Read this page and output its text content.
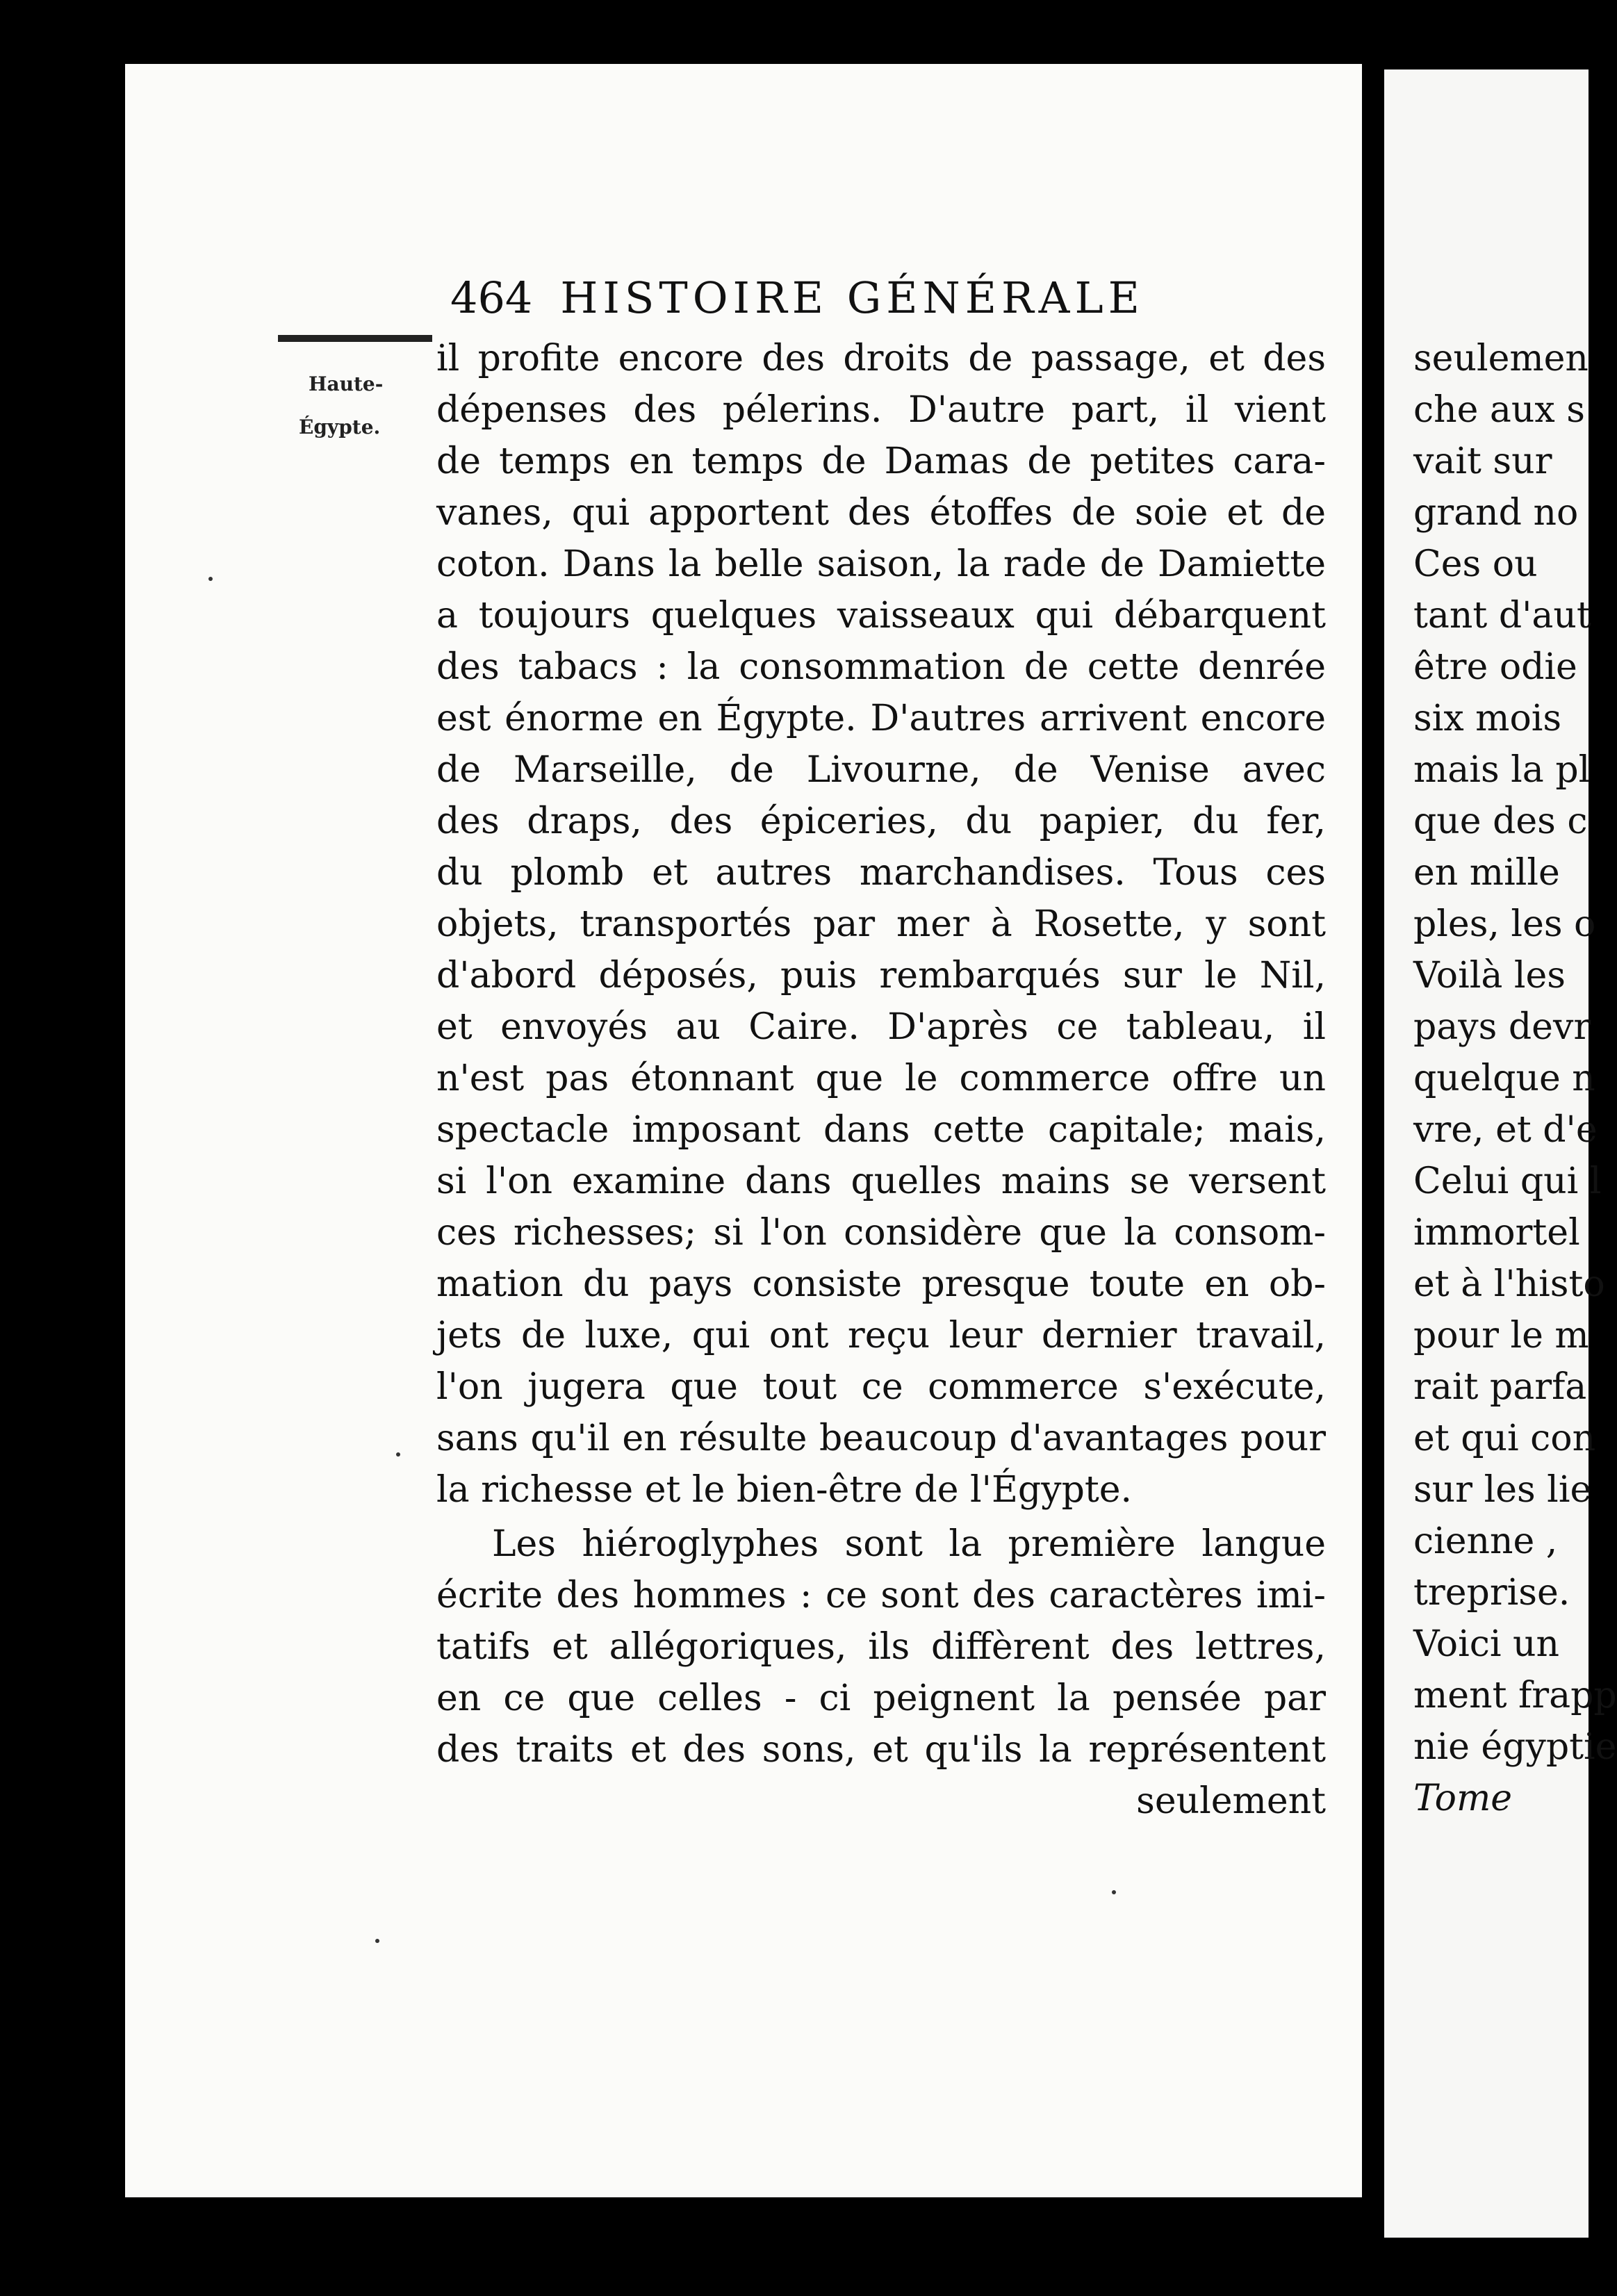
464 HISTOIRE GÉNÉRALE
Haute-
Égypte.
il profite encore des droits de passage, et des
dépenses des pélerins. D'autre part, il vient
de temps en temps de Damas de petites cara-
vanes, qui apportent des étoffes de soie et de
coton. Dans la belle saison, la rade de Damiette
a toujours quelques vaisseaux qui débarquent
des tabacs : la consommation de cette denrée
est énorme en Égypte. D'autres arrivent encore
de Marseille, de Livourne, de Venise avec
des draps, des épiceries, du papier, du fer,
du plomb et autres marchandises. Tous ces
objets, transportés par mer à Rosette, y sont
d'abord déposés, puis rembarqués sur le Nil,
et envoyés au Caire. D'après ce tableau, il
n'est pas étonnant que le commerce offre un
spectacle imposant dans cette capitale; mais,
si l'on examine dans quelles mains se versent
ces richesses; si l'on considère que la consom-
mation du pays consiste presque toute en ob-
jets de luxe, qui ont reçu leur dernier travail,
l'on jugera que tout ce commerce s'exécute,
sans qu'il en résulte beaucoup d'avantages pour
la richesse et le bien-être de l'Égypte.
Les hiéroglyphes sont la première langue
écrite des hommes : ce sont des caractères imi-
tatifs et allégoriques, ils diffèrent des lettres,
en ce que celles - ci peignent la pensée par
des traits et des sons, et qu'ils la représentent
seulement
seulemen
che aux s
vait sur
grand no
Ces ou
tant d'aut
être odie
six mois
mais la pl
que des c
en mille
ples, les o
Voilà les
pays devr
quelque n
vre, et d'e
Celui qui l
immortel
et à l'histo
pour le m
rait parfa
et qui con
sur les lie
cienne ,
treprise.
Voici un
ment frapp
nie égyptie
Tome
